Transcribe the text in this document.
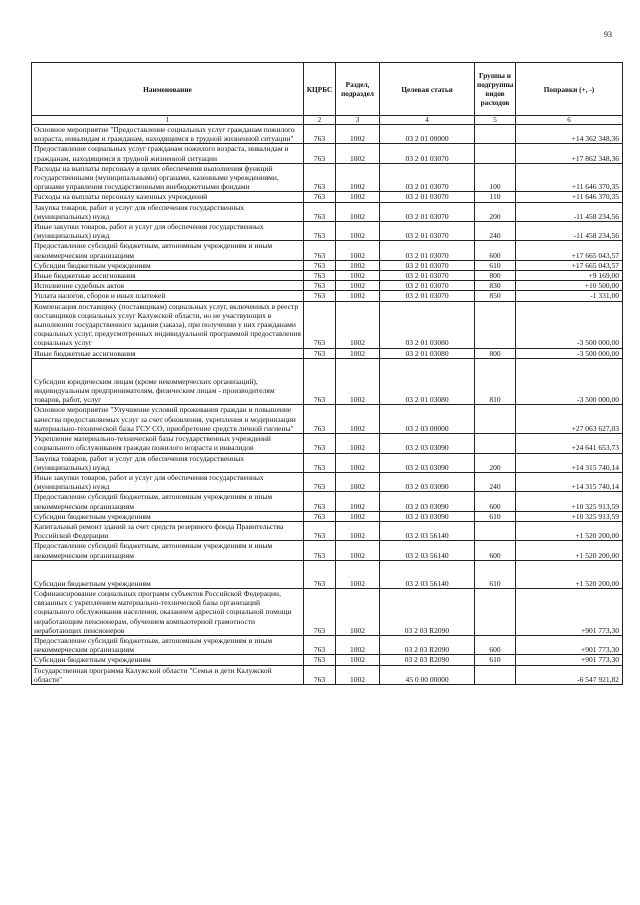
93
Наименование	КЦРБС	Раздел, подраздел	Целевая статья	Группы и подгруппы видов расходов	Поправки (+, -)
1	2	3	4	5	6
Основное мероприятие "Предоставление социальных услуг гражданам пожилого возраста, инвалидам и гражданам, находящимся в трудной жизненной ситуации"	763	1002	03 2 01 00000		+14 362 348,36
Предоставление социальных услуг гражданам пожилого возраста, инвалидам и гражданам, находящимся в трудной жизненной ситуации	763	1002	03 2 01 03070		+17 862 348,36
Расходы на выплаты персоналу в целях обеспечения выполнения функций государственными (муниципальными) органами, казенными учреждениями, органами управления государственными внебюджетными фондами	763	1002	03 2 01 03070	100	+11 646 370,35
Расходы на выплаты персоналу казенных учреждений	763	1002	03 2 01 03070	110	+11 646 370,35
Закупка товаров, работ и услуг для обеспечения государственных (муниципальных) нужд	763	1002	03 2 01 03070	200	-11 458 234,56
Иные закупки товаров, работ и услуг для обеспечения государственных (муниципальных) нужд	763	1002	03 2 01 03070	240	-11 458 234,56
Предоставление субсидий бюджетным, автономным учреждениям и иным некоммерческим организациям	763	1002	03 2 01 03070	600	+17 665 043,57
Субсидии бюджетным учреждениям	763	1002	03 2 01 03070	610	+17 665 043,57
Иные бюджетные ассигнования	763	1002	03 2 01 03070	800	+9 169,00
Исполнение судебных актов	763	1002	03 2 01 03070	830	+10 500,00
Уплата налогов, сборов и иных платежей	763	1002	03 2 01 03070	850	-1 331,00
Компенсация поставщику (поставщикам) социальных услуг, включенных в реестр поставщиков социальных услуг Калужской области, но не участвующих в выполнении государственного задания (заказа), при получении у них гражданами социальных услуг, предусмотренных индивидуальной программой предоставления социальных услуг	763	1002	03 2 01 03080		-3 500 000,00
Иные бюджетные ассигнования	763	1002	03 2 01 03080	800	-3 500 000,00
Субсидии юридическим лицам (кроме некоммерческих организаций), индивидуальным предпринимателям, физическим лицам - производителям товаров, работ, услуг	763	1002	03 2 01 03080	810	-3 500 000,00
Основное мероприятие "Улучшение условий проживания граждан и повышение качества предоставляемых услуг за счет обновления, укрепления и модернизации материально-технической базы ГСУ СО, приобретение средств личной гигиены"	763	1002	03 2 03 00000		+27 063 627,03
Укрепление материально-технической базы государственных учреждений социального обслуживания граждан пожилого возраста и инвалидов	763	1002	03 2 03 03090		+24 641 653,73
Закупка товаров, работ и услуг для обеспечения государственных (муниципальных) нужд	763	1002	03 2 03 03090	200	+14 315 740,14
Иные закупки товаров, работ и услуг для обеспечения государственных (муниципальных) нужд	763	1002	03 2 03 03090	240	+14 315 740,14
Предоставление субсидий бюджетным, автономным учреждениям и иным некоммерческим организациям	763	1002	03 2 03 03090	600	+10 325 913,59
Субсидии бюджетным учреждениям	763	1002	03 2 03 03090	610	+10 325 913,59
Капитальный ремонт зданий за счет средств резервного фонда Правительства Российской Федерации	763	1002	03 2 03 56140		+1 520 200,00
Предоставление субсидий бюджетным, автономным учреждениям и иным некоммерческим организациям	763	1002	03 2 03 56140	600	+1 520 200,00
Субсидии бюджетным учреждениям	763	1002	03 2 03 56140	610	+1 520 200,00
Софинансирование социальных программ субъектов Российской Федерации, связанных с укреплением материально-технической базы организаций социального обслуживания населения, оказанием адресной социальной помощи неработающим пенсионерам, обучением компьютерной грамотности неработающих пенсионеров	763	1002	03 2 03 R2090		+901 773,30
Предоставление субсидий бюджетным, автономным учреждениям и иным некоммерческим организациям	763	1002	03 2 03 R2090	600	+901 773,30
Субсидии бюджетным учреждениям	763	1002	03 2 03 R2090	610	+901 773,30
Государственная программа Калужской области "Семья и дети Калужской области"	763	1002	45 0 00 00000		-6 547 921,82
